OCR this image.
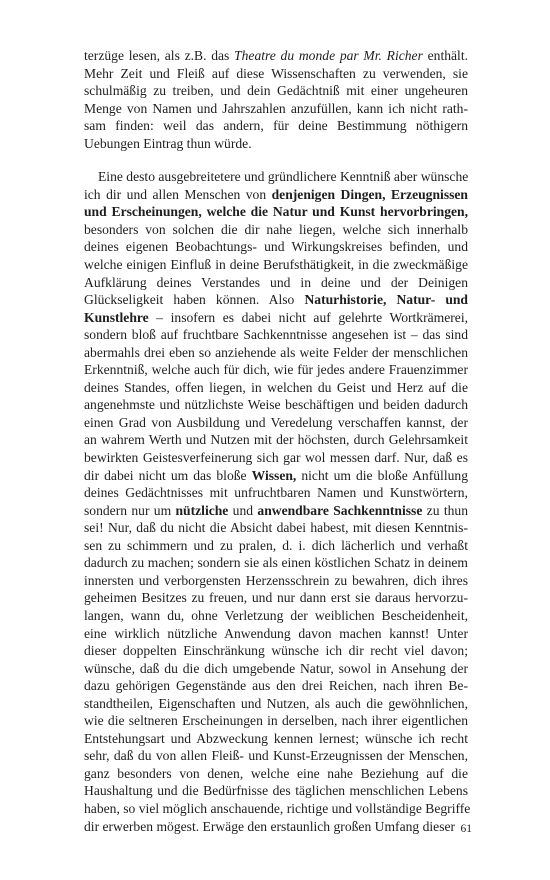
terzüge lesen, als z.B. das Theatre du monde par Mr. Richer enthält.
Mehr Zeit und Fleiß auf diese Wissenschaften zu verwenden, sie
schulmäßig zu treiben, und dein Gedächtniß mit einer ungeheuren
Menge von Namen und Jahrszahlen anzufüllen, kann ich nicht rath-
sam finden: weil das andern, für deine Bestimmung nöthigern
Uebungen Eintrag thun würde.
Eine desto ausgebreitetere und gründlichere Kenntniß aber wünsche
ich dir und allen Menschen von denjenigen Dingen, Erzeugnissen
und Erscheinungen, welche die Natur und Kunst hervorbringen,
besonders von solchen die dir nahe liegen, welche sich innerhalb
deines eigenen Beobachtungs- und Wirkungskreises befinden, und
welche einigen Einfluß in deine Berufsthätigkeit, in die zweckmäßige
Aufklärung deines Verstandes und in deine und der Deinigen
Glückseligkeit haben können. Also Naturhistorie, Natur- und
Kunstlehre – insofern es dabei nicht auf gelehrte Wortkrämerei,
sondern bloß auf fruchtbare Sachkenntnisse angesehen ist – das sind
abermahls drei eben so anziehende als weite Felder der menschlichen
Erkenntniß, welche auch für dich, wie für jedes andere Frauenzimmer
deines Standes, offen liegen, in welchen du Geist und Herz auf die
angenehmste und nützlichste Weise beschäftigen und beiden dadurch
einen Grad von Ausbildung und Veredelung verschaffen kannst, der
an wahrem Werth und Nutzen mit der höchsten, durch Gelehrsamkeit
bewirkten Geistesverfeinerung sich gar wol messen darf. Nur, daß es
dir dabei nicht um das bloße Wissen, nicht um die bloße Anfüllung
deines Gedächtnisses mit unfruchtbaren Namen und Kunstwörtern,
sondern nur um nützliche und anwendbare Sachkenntnisse zu thun
sei! Nur, daß du nicht die Absicht dabei habest, mit diesen Kenntnis-
sen zu schimmern und zu pralen, d. i. dich lächerlich und verhaßt
dadurch zu machen; sondern sie als einen köstlichen Schatz in deinem
innersten und verborgensten Herzensschrein zu bewahren, dich ihres
geheimen Besitzes zu freuen, und nur dann erst sie daraus hervorzu-
langen, wann du, ohne Verletzung der weiblichen Bescheidenheit,
eine wirklich nützliche Anwendung davon machen kannst! Unter
dieser doppelten Einschränkung wünsche ich dir recht viel davon;
wünsche, daß du die dich umgebende Natur, sowol in Ansehung der
dazu gehörigen Gegenstände aus den drei Reichen, nach ihren Be-
standtheilen, Eigenschaften und Nutzen, als auch die gewöhnlichen,
wie die seltneren Erscheinungen in derselben, nach ihrer eigentlichen
Entstehungsart und Abzweckung kennen lernest; wünsche ich recht
sehr, daß du von allen Fleiß- und Kunst-Erzeugnissen der Menschen,
ganz besonders von denen, welche eine nahe Beziehung auf die
Haushaltung und die Bedürfnisse des täglichen menschlichen Lebens
haben, so viel möglich anschauende, richtige und vollständige Begriffe
dir erwerben mögest. Erwäge den erstaunlich großen Umfang dieser 61
